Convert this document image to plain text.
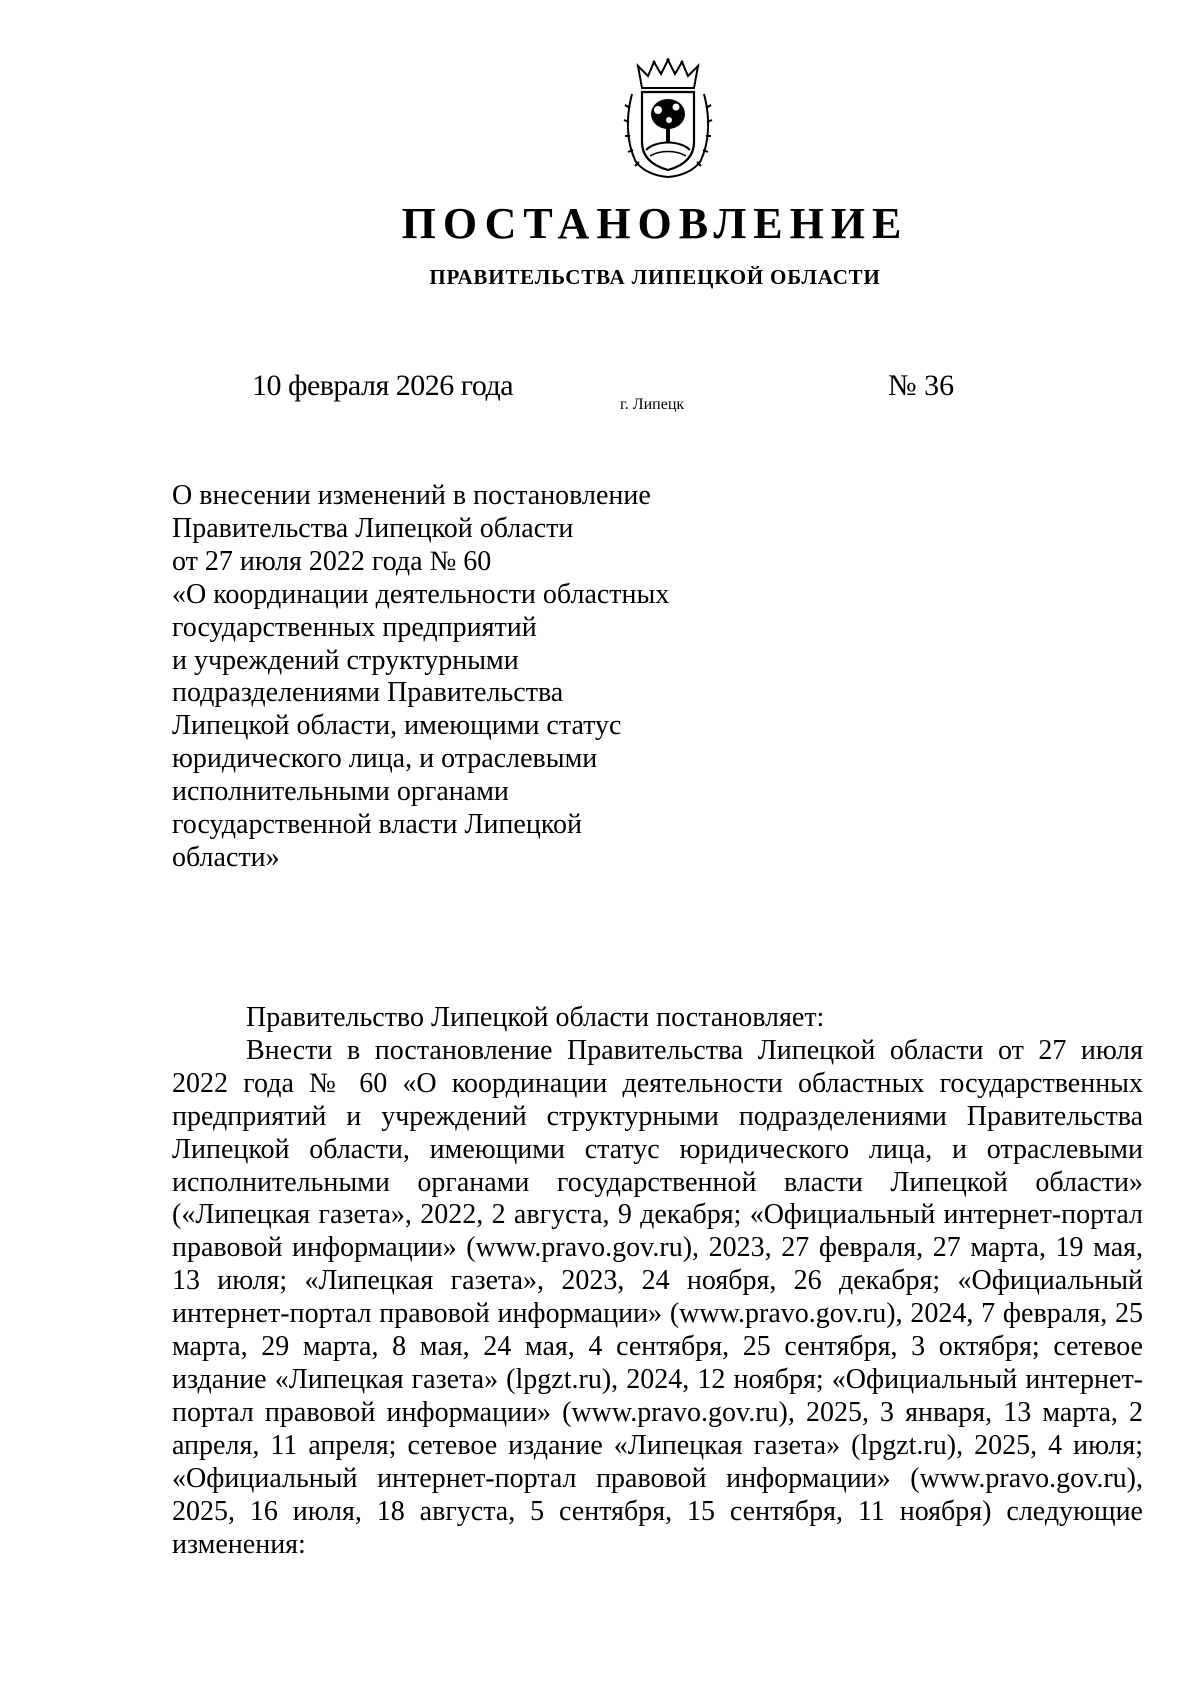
ПОСТАНОВЛЕНИЕ
ПРАВИТЕЛЬСТВА ЛИПЕЦКОЙ ОБЛАСТИ
10 февраля 2026 года
г. Липецк
№ 36
О внесении изменений в постановление
Правительства Липецкой области
от 27 июля 2022 года № 60
«О координации деятельности областных
государственных предприятий
и учреждений структурными
подразделениями Правительства
Липецкой области, имеющими статус
юридического лица, и отраслевыми
исполнительными органами
государственной власти Липецкой
области»

Правительство Липецкой области постановляет:

Внести в постановление Правительства Липецкой области от 27 июля 2022 года № 60 «О координации деятельности областных государственных предприятий и учреждений структурными подразделениями Правительства Липецкой области, имеющими статус юридического лица, и отраслевыми исполнительными органами государственной власти Липецкой области» («Липецкая газета», 2022, 2 августа, 9 декабря; «Официальный интернет-портал правовой информации» (www.pravo.gov.ru), 2023, 27 февраля, 27 марта, 19 мая, 13 июля; «Липецкая газета», 2023, 24 ноября, 26 декабря; «Официальный интернет-портал правовой информации» (www.pravo.gov.ru), 2024, 7 февраля, 25 марта, 29 марта, 8 мая, 24 мая, 4 сентября, 25 сентября, 3 октября; сетевое издание «Липецкая газета» (lpgzt.ru), 2024, 12 ноября; «Официальный интернет-портал правовой информации» (www.pravo.gov.ru), 2025, 3 января, 13 марта, 2 апреля, 11 апреля; сетевое издание «Липецкая газета» (lpgzt.ru), 2025, 4 июля; «Официальный интернет-портал правовой информации» (www.pravo.gov.ru), 2025, 16 июля, 18 августа, 5 сентября, 15 сентября, 11 ноября) следующие изменения:
